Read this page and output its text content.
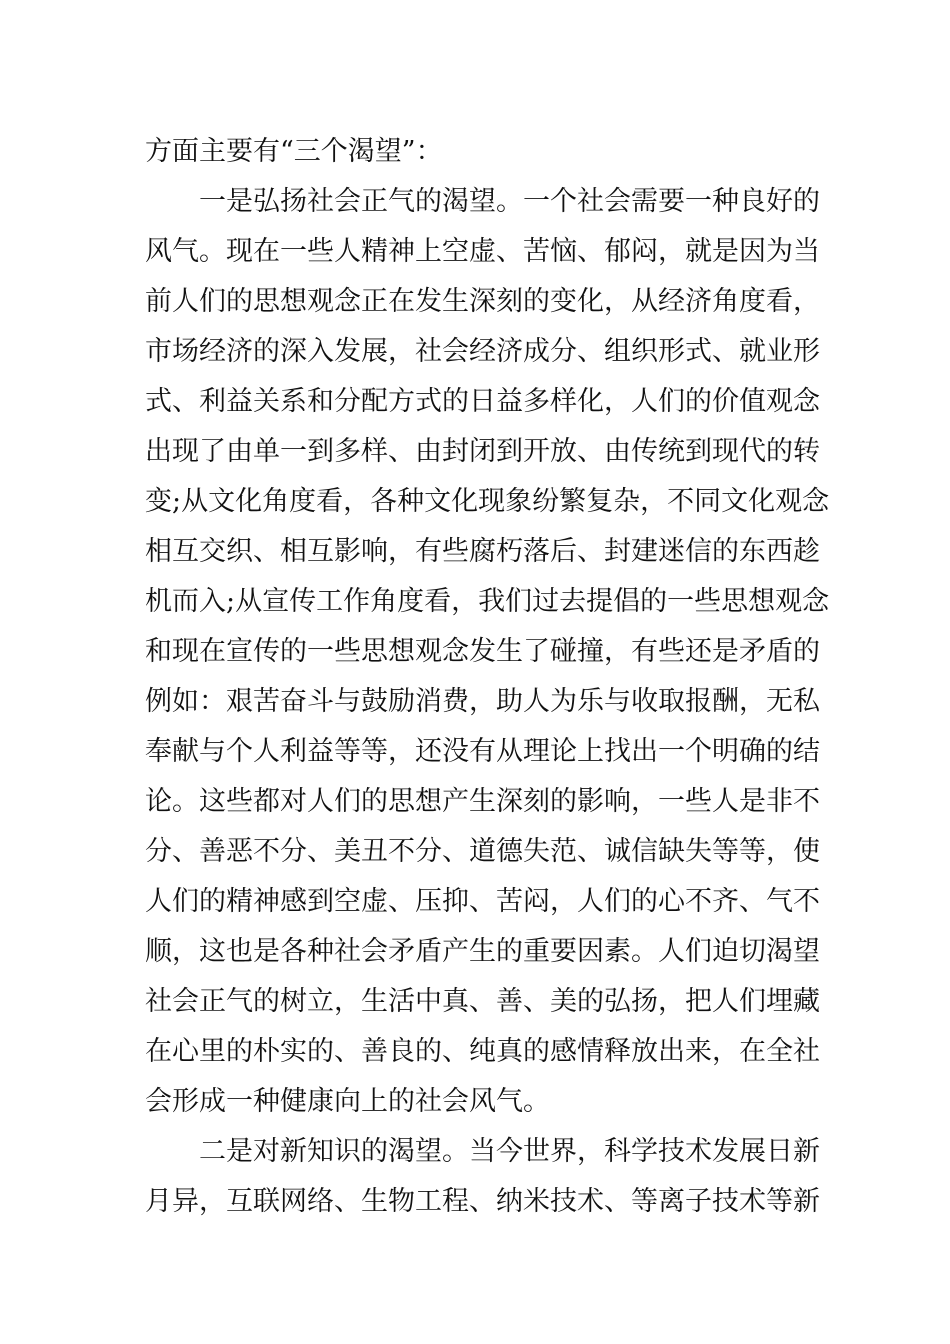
方面主要有“三个渴望”：
一是弘扬社会正气的渴望。一个社会需要一种良好的
风气。现在一些人精神上空虚、苦恼、郁闷，就是因为当
前人们的思想观念正在发生深刻的变化，从经济角度看，
市场经济的深入发展，社会经济成分、组织形式、就业形
式、利益关系和分配方式的日益多样化，人们的价值观念
出现了由单一到多样、由封闭到开放、由传统到现代的转
变;从文化角度看，各种文化现象纷繁复杂，不同文化观念
相互交织、相互影响，有些腐朽落后、封建迷信的东西趁
机而入;从宣传工作角度看，我们过去提倡的一些思想观念
和现在宣传的一些思想观念发生了碰撞，有些还是矛盾的
例如：艰苦奋斗与鼓励消费，助人为乐与收取报酬，无私
奉献与个人利益等等，还没有从理论上找出一个明确的结
论。这些都对人们的思想产生深刻的影响，一些人是非不
分、善恶不分、美丑不分、道德失范、诚信缺失等等，使
人们的精神感到空虚、压抑、苦闷，人们的心不齐、气不
顺，这也是各种社会矛盾产生的重要因素。人们迫切渴望
社会正气的树立，生活中真、善、美的弘扬，把人们埋藏
在心里的朴实的、善良的、纯真的感情释放出来，在全社
会形成一种健康向上的社会风气。
二是对新知识的渴望。当今世界，科学技术发展日新
月异，互联网络、生物工程、纳米技术、等离子技术等新
